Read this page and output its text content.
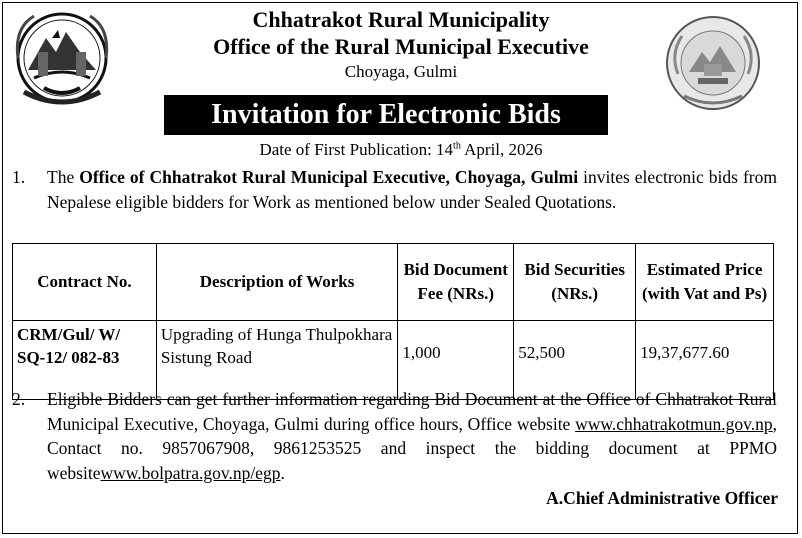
Chhatrakot Rural Municipality
Office of the Rural Municipal Executive
Choyaga, Gulmi
Invitation for Electronic Bids
Date of First Publication: 14th April, 2026
1. The Office of Chhatrakot Rural Municipal Executive, Choyaga, Gulmi invites electronic bids from Nepalese eligible bidders for Work as mentioned below under Sealed Quotations.
Contract No.	Description of Works	Bid Document Fee (NRs.)	Bid Securities (NRs.)	Estimated Price (with Vat and Ps)
CRM/Gul/ W/ SQ-12/ 082-83	Upgrading of Hunga Thulpokhara Sistung Road	1,000	52,500	19,37,677.60
2. Eligible Bidders can get further information regarding Bid Document at the Office of Chhatrakot Rural Municipal Executive, Choyaga, Gulmi during office hours, Office website www.chhatrakotmun.gov.np, Contact no. 9857067908, 9861253525 and inspect the bidding document at PPMO websitewww.bolpatra.gov.np/egp.
A.Chief Administrative Officer
